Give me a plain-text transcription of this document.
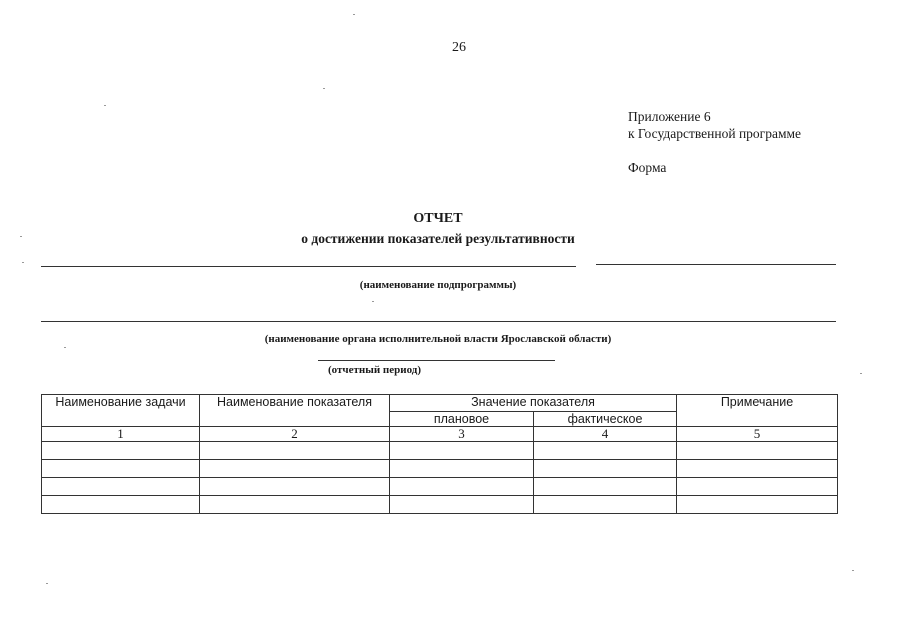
26
Приложение 6
к Государственной программе
Форма
ОТЧЕТ
о достижении показателей результативности
(наименование подпрограммы)
(наименование органа исполнительной власти Ярославской области)
(отчетный период)
Наименование задачи	Наименование показателя	Значение показателя		Примечание
		плановое	фактическое	
1	2	3	4	5
